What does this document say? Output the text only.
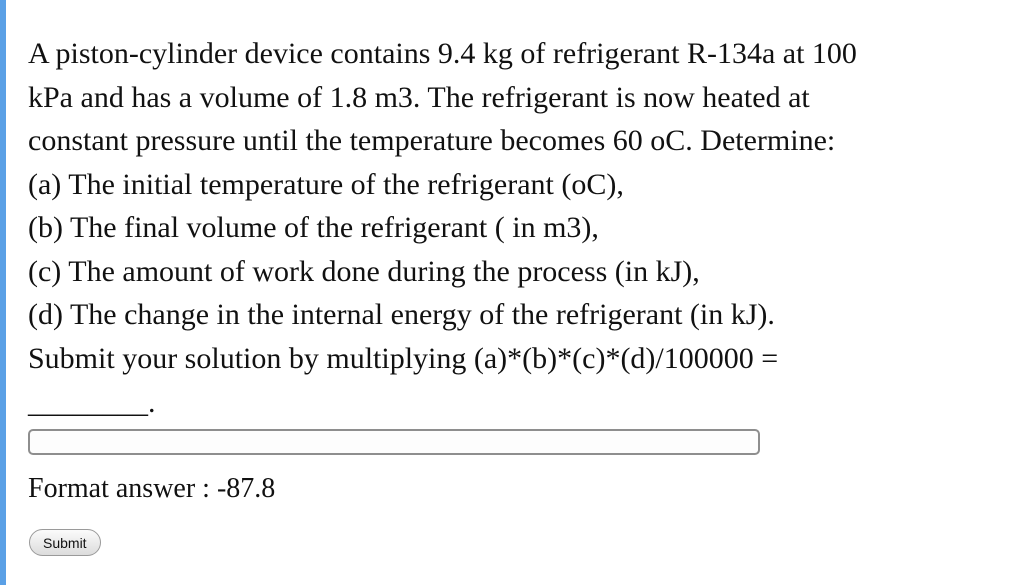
A piston-cylinder device contains 9.4 kg of refrigerant R-134a at 100
kPa and has a volume of 1.8 m3. The refrigerant is now heated at
constant pressure until the temperature becomes 60 oC. Determine:
(a) The initial temperature of the refrigerant (oC),
(b) The final volume of the refrigerant ( in m3),
(c) The amount of work done during the process (in kJ),
(d) The change in the internal energy of the refrigerant (in kJ).
Submit your solution by multiplying (a)*(b)*(c)*(d)/100000 =

________.
Format answer : -87.8
Submit
